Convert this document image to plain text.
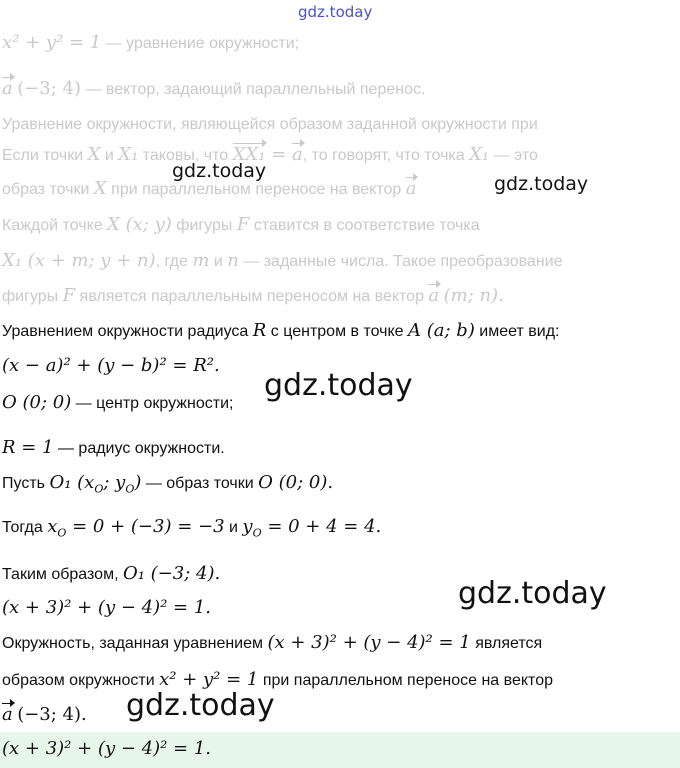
gdz.today
x² + y² = 1 — уравнение окружности;
a (−3; 4) — вектор, задающий параллельный перенос.
Уравнение окружности, являющейся образом заданной окружности при
Если точки X и X₁ таковы, что XX₁ = a, то говорят, что точка X₁ — это
образ точки X при параллельном переносе на вектор a
Каждой точке X (x; y) фигуры F ставится в соответствие точка
X₁ (x + m; y + n), где m и n — заданные числа. Такое преобразование
фигуры F является параллельным переносом на вектор a (m; n).
Уравнением окружности радиуса R с центром в точке A (a; b) имеет вид:
(x − a)² + (y − b)² = R².
O (0; 0) — центр окружности;
R = 1 — радиус окружности.
Пусть O₁ ($x_O$; $y_O$) — образ точки O (0; 0).
Тогда $x_O = 0 + (-3) = -3$ и $y_O = 0 + 4 = 4$.
Таким образом, O₁ (−3; 4).
(x + 3)² + (y − 4)² = 1.
Окружность, заданная уравнением (x + 3)² + (y − 4)² = 1 является
образом окружности x² + y² = 1 при параллельном переносе на вектор
a (−3; 4).
(x + 3)² + (y − 4)² = 1.
gdz.today
gdz.today
gdz.today
gdz.today
gdz.today
